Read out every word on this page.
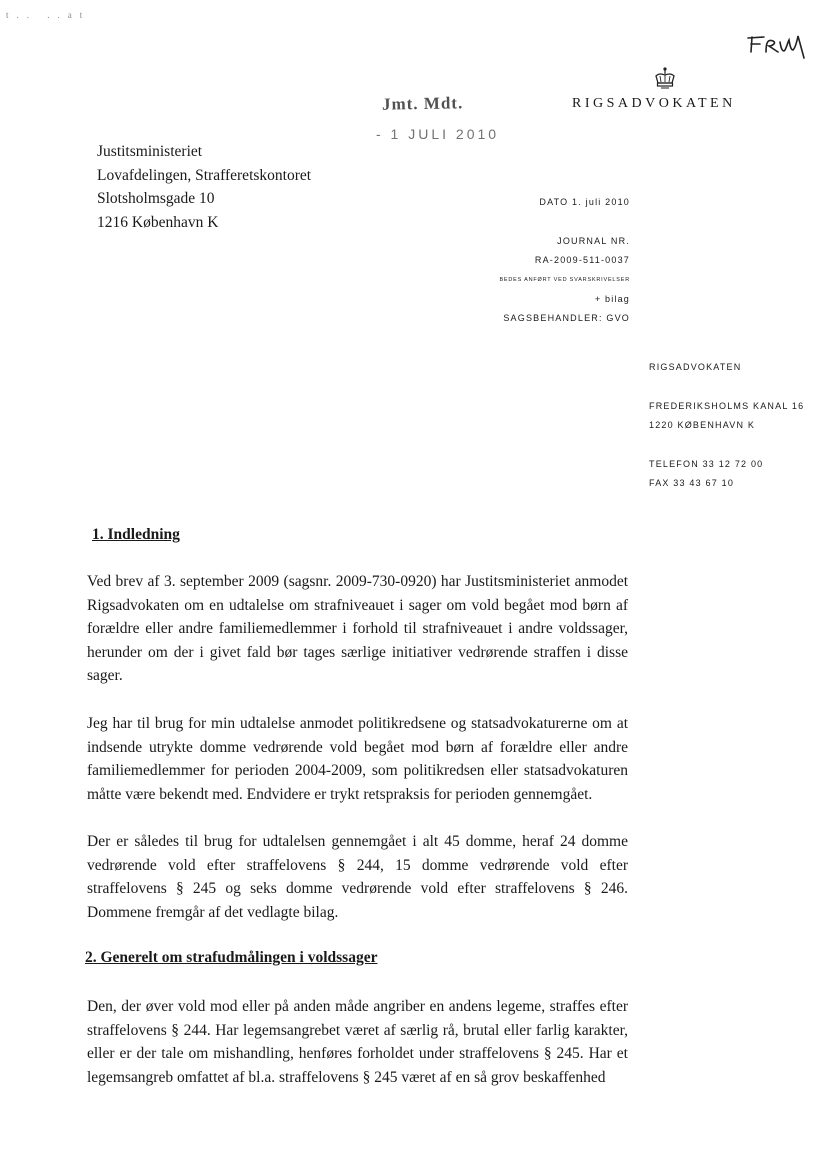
t.. ..at
RIGSADVOKATEN
Jmt. Mdt.
- 1 JULI 2010
Justitsministeriet
Lovafdelingen, Strafferetskontoret
Slotsholmsgade 10
1216 København K
DATO 1. juli 2010
JOURNAL NR.
RA-2009-511-0037
BEDES ANFØRT VED SVARSKRIVELSER
+ bilag
SAGSBEHANDLER: GVO
RIGSADVOKATEN
FREDERIKSHOLMS KANAL 16
1220 KØBENHAVN K
TELEFON 33 12 72 00
FAX 33 43 67 10
1. Indledning

Ved brev af 3. september 2009 (sagsnr. 2009-730-0920) har Justitsministeriet anmodet Rigsadvokaten om en udtalelse om strafniveauet i sager om vold begået mod børn af forældre eller andre familiemedlemmer i forhold til strafniveauet i andre voldssager, herunder om der i givet fald bør tages særlige initiativer vedrørende straffen i disse sager.

Jeg har til brug for min udtalelse anmodet politikredsene og statsadvokaturerne om at indsende utrykte domme vedrørende vold begået mod børn af forældre eller andre familiemedlemmer for perioden 2004-2009, som politikredsen eller statsadvokaturen måtte være bekendt med. Endvidere er trykt retspraksis for perioden gennemgået.

Der er således til brug for udtalelsen gennemgået i alt 45 domme, heraf 24 domme vedrørende vold efter straffelovens § 244, 15 domme vedrørende vold efter straffelovens § 245 og seks domme vedrørende vold efter straffelovens § 246. Dommene fremgår af det vedlagte bilag.

2. Generelt om strafudmålingen i voldssager

Den, der øver vold mod eller på anden måde angriber en andens legeme, straffes efter straffelovens § 244. Har legemsangrebet været af særlig rå, brutal eller farlig karakter, eller er der tale om mishandling, henføres forholdet under straffelovens § 245. Har et legemsangreb omfattet af bl.a. straffelovens § 245 været af en så grov beskaffenhed
